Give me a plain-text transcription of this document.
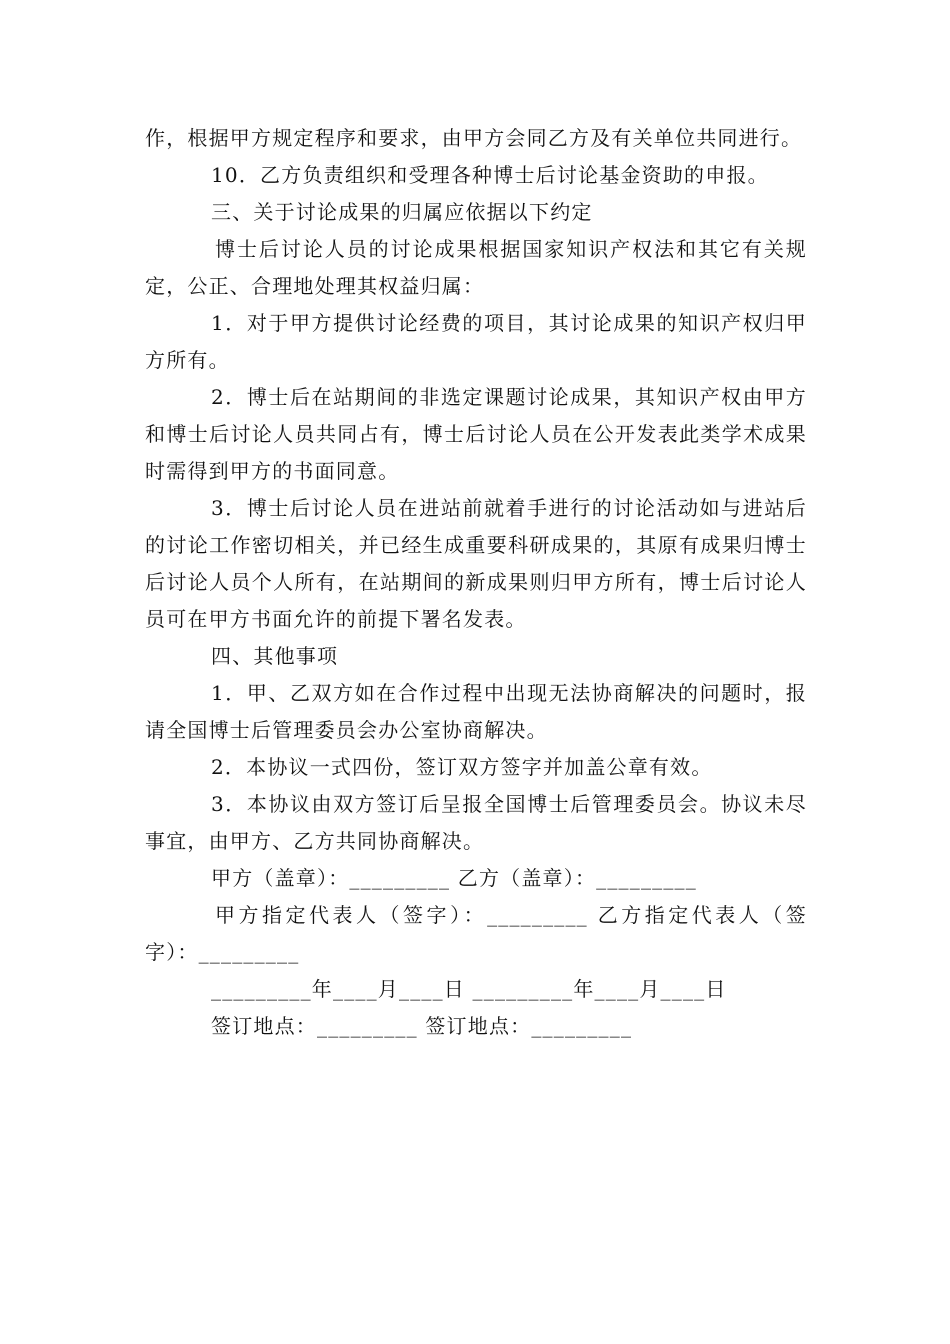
作，根据甲方规定程序和要求，由甲方会同乙方及有关单位共同进行。

10．乙方负责组织和受理各种博士后讨论基金资助的申报。

三、关于讨论成果的归属应依据以下约定

博士后讨论人员的讨论成果根据国家知识产权法和其它有关规定，公正、合理地处理其权益归属：

1．对于甲方提供讨论经费的项目，其讨论成果的知识产权归甲方所有。

2．博士后在站期间的非选定课题讨论成果，其知识产权由甲方和博士后讨论人员共同占有，博士后讨论人员在公开发表此类学术成果时需得到甲方的书面同意。

3．博士后讨论人员在进站前就着手进行的讨论活动如与进站后的讨论工作密切相关，并已经生成重要科研成果的，其原有成果归博士后讨论人员个人所有，在站期间的新成果则归甲方所有，博士后讨论人员可在甲方书面允许的前提下署名发表。

四、其他事项

1．甲、乙双方如在合作过程中出现无法协商解决的问题时，报请全国博士后管理委员会办公室协商解决。

2．本协议一式四份，签订双方签字并加盖公章有效。

3．本协议由双方签订后呈报全国博士后管理委员会。协议未尽事宜，由甲方、乙方共同协商解决。

甲方（盖章）：_________ 乙方（盖章）：_________

甲方指定代表人（签字）：_________ 乙方指定代表人（签字）：_________

_________年____月____日 _________年____月____日

签订地点：_________ 签订地点：_________
